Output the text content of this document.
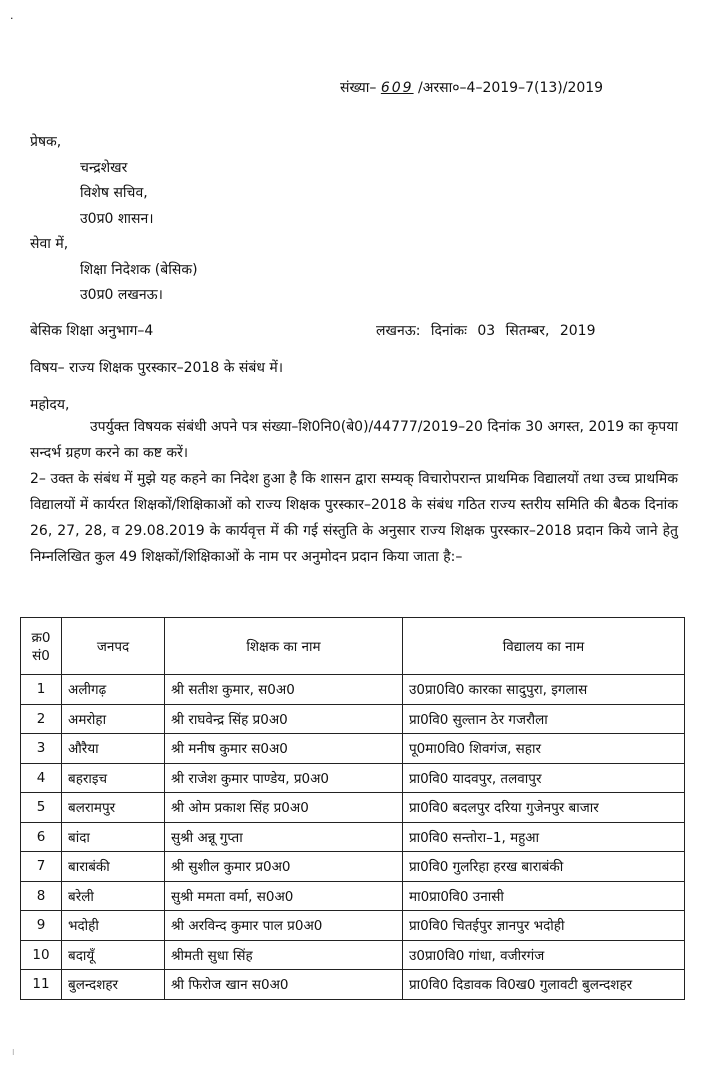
·
संख्या– 609 /अरसा०–4–2019–7(13)/2019
प्रेषक,
चन्द्रशेखर
विशेष सचिव,
उ0प्र0 शासन।
सेवा में,
शिक्षा निदेशक (बेसिक)
उ0प्र0 लखनऊ।
बेसिक शिक्षा अनुभाग–4	लखनऊ: दिनांकः 03 सितम्बर, 2019
विषय– राज्य शिक्षक पुरस्कार–2018 के संबंध में।
महोदय,
उपर्युक्त विषयक संबंधी अपने पत्र संख्या–शि0नि0(बे0)/44777/2019–20 दिनांक 30 अगस्त, 2019 का कृपया सन्दर्भ ग्रहण करने का कष्ट करें।
2– उक्त के संबंध में मुझे यह कहने का निदेश हुआ है कि शासन द्वारा सम्यक् विचारोपरान्त प्राथमिक विद्यालयों तथा उच्च प्राथमिक विद्यालयों में कार्यरत शिक्षकों/शिक्षिकाओं को राज्य शिक्षक पुरस्कार–2018 के संबंध गठित राज्य स्तरीय समिति की बैठक दिनांक 26, 27, 28, व 29.08.2019 के कार्यवृत्त में की गई संस्तुति के अनुसार राज्य शिक्षक पुरस्कार–2018 प्रदान किये जाने हेतु निम्नलिखित कुल 49 शिक्षकों/शिक्षिकाओं के नाम पर अनुमोदन प्रदान किया जाता है:–
क्र0 सं0	जनपद	शिक्षक का नाम	विद्यालय का नाम
1	अलीगढ़	श्री सतीश कुमार, स0अ0	उ0प्रा0वि0 कारका सादुपुरा, इगलास
2	अमरोहा	श्री राघवेन्द्र सिंह प्र0अ0	प्रा0वि0 सुल्तान ठेर गजरौला
3	औरैया	श्री मनीष कुमार स0अ0	पू0मा0वि0 शिवगंज, सहार
4	बहराइच	श्री राजेश कुमार पाण्डेय, प्र0अ0	प्रा0वि0 यादवपुर, तलवापुर
5	बलरामपुर	श्री ओम प्रकाश सिंह प्र0अ0	प्रा0वि0 बदलपुर दरिया गुजेनपुर बाजार
6	बांदा	सुश्री अन्नू गुप्ता	प्रा0वि0 सन्तोरा–1, महुआ
7	बाराबंकी	श्री सुशील कुमार प्र0अ0	प्रा0वि0 गुलरिहा हरख बाराबंकी
8	बरेली	सुश्री ममता वर्मा, स0अ0	मा0प्रा0वि0 उनासी
9	भदोही	श्री अरविन्द कुमार पाल प्र0अ0	प्रा0वि0 चितईपुर ज्ञानपुर भदोही
10	बदायूँ	श्रीमती सुधा सिंह	उ0प्रा0वि0 गांधा, वजीरगंज
11	बुलन्दशहर	श्री फिरोज खान स0अ0	प्रा0वि0 दिडावक वि0ख0 गुलावटी बुलन्दशहर
⁝
